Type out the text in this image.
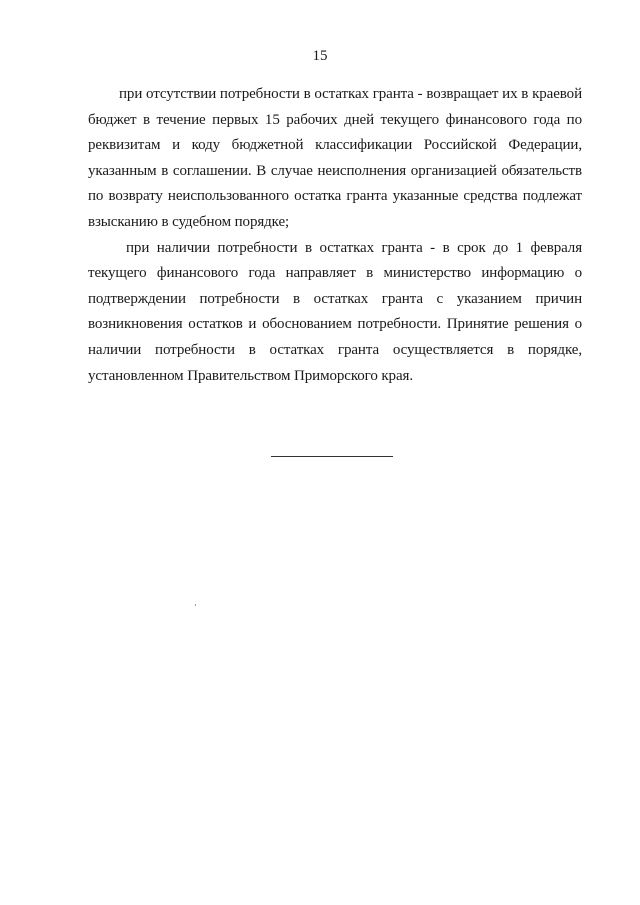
15

при отсутствии потребности в остатках гранта - возвращает их в краевой бюджет в течение первых 15 рабочих дней текущего финансового года по реквизитам и коду бюджетной классификации Российской Федерации, указанным в соглашении. В случае неисполнения организацией обязательств по возврату неиспользованного остатка гранта указанные средства подлежат взысканию в судебном порядке;

при наличии потребности в остатках гранта - в срок до 1 февраля текущего финансового года направляет в министерство информацию о подтверждении потребности в остатках гранта с указанием причин возникновения остатков и обоснованием потребности. Принятие решения о наличии потребности в остатках гранта осуществляется в порядке, установленном Правительством Приморского края.
